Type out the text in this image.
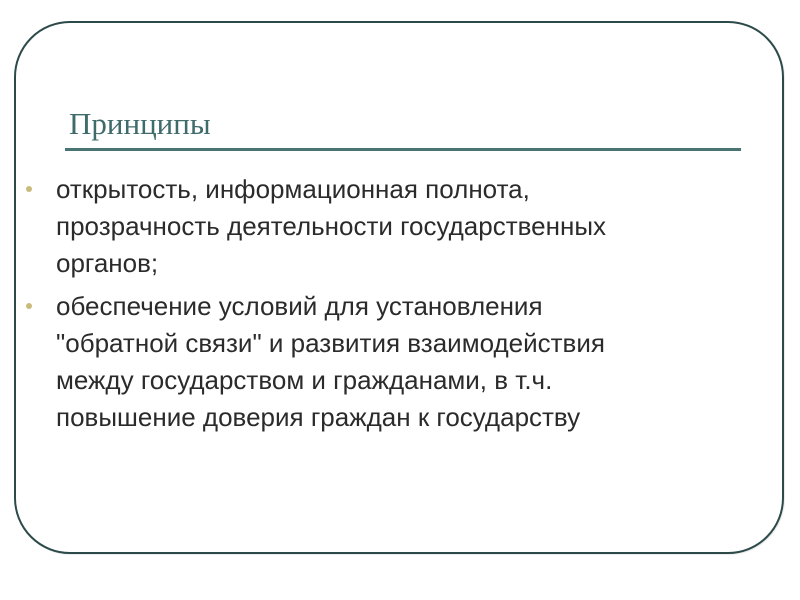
Принципы
открытость, информационная полнота,
прозрачность деятельности государственных
органов;
обеспечение условий для установления
"обратной связи" и развития взаимодействия
между государством и гражданами, в т.ч.
повышение доверия граждан к государству
